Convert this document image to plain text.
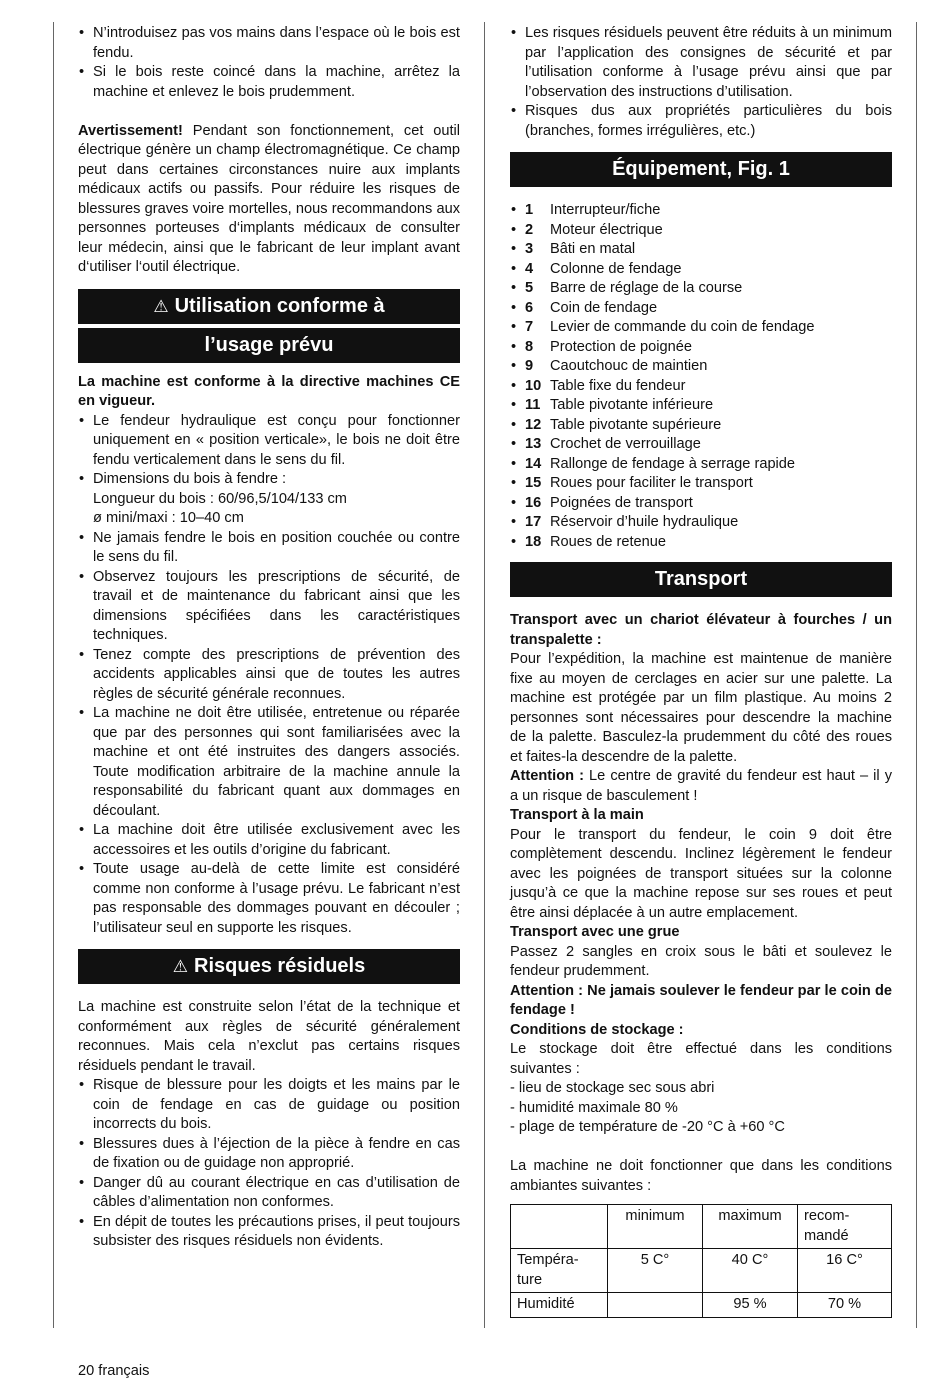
• N’introduisez pas vos mains dans l’espace où le bois est fendu.
• Si le bois reste coincé dans la machine, arrêtez la machine et enlevez le bois prudemment.

Avertissement! Pendant son fonctionnement, cet outil électrique génère un champ électromagnétique. Ce champ peut dans certaines circonstances nuire aux implants médicaux actifs ou passifs. Pour réduire les risques de blessures graves voire mortelles, nous recommandons aux personnes porteuses d‘implants médicaux de consulter leur médecin, ainsi que le fabricant de leur implant avant d‘utiliser l‘outil électrique.

⚠ Utilisation conforme à
l’usage prévu

La machine est conforme à la directive machines CE en vigueur.

• Le fendeur hydraulique est conçu pour fonctionner uniquement en « position verticale», le bois ne doit être fendu verticalement dans le sens du fil.
• Dimensions du bois à fendre :
Longueur du bois : 60/96,5/104/133 cm
ø mini/maxi : 10–40 cm
• Ne jamais fendre le bois en position couchée ou contre le sens du fil.
• Observez toujours les prescriptions de sécurité, de travail et de maintenance du fabricant ainsi que les dimensions spécifiées dans les caractéristiques techniques.
• Tenez compte des prescriptions de prévention des accidents applicables ainsi que de toutes les autres règles de sécurité générale reconnues.
• La machine ne doit être utilisée, entretenue ou réparée que par des personnes qui sont familiarisées avec la machine et ont été instruites des dangers associés. Toute modification arbitraire de la machine annule la responsabilité du fabricant quant aux dommages en découlant.
• La machine doit être utilisée exclusivement avec les accessoires et les outils d’origine du fabricant.
• Toute usage au-delà de cette limite est considéré comme non conforme à l’usage prévu. Le fabricant n’est pas responsable des dommages pouvant en découler ; l’utilisateur seul en supporte les risques.
⚠ Risques résiduels

La machine est construite selon l’état de la technique et conformément aux règles de sécurité généralement reconnues. Mais cela n’exclut pas certains risques résiduels pendant le travail.

• Risque de blessure pour les doigts et les mains par le coin de fendage en cas de guidage ou position incorrects du bois.
• Blessures dues à l’éjection de la pièce à fendre en cas de fixation ou de guidage non approprié.
• Danger dû au courant électrique en cas d’utilisation de câbles d’alimentation non conformes.
• En dépit de toutes les précautions prises, il peut toujours subsister des risques résiduels non évidents.
• Les risques résiduels peuvent être réduits à un minimum par l’application des consignes de sécurité et par l’utilisation conforme à l’usage prévu ainsi que par l’observation des instructions d’utilisation.
• Risques dus aux propriétés particulières du bois (branches, formes irrégulières, etc.)
Équipement, Fig. 1
• 1	Interrupteur/fiche
• 2	Moteur électrique
• 3	Bâti en matal
• 4	Colonne de fendage
• 5	Barre de réglage de la course
• 6	Coin de fendage
• 7	Levier de commande du coin de fendage
• 8	Protection de poignée
• 9	Caoutchouc de maintien
• 10 Table fixe du fendeur
• 11 Table pivotante inférieure
• 12 Table pivotante supérieure
• 13 Crochet de verrouillage
• 14 Rallonge de fendage à serrage rapide
• 15 Roues pour faciliter le transport
• 16 Poignées de transport
• 17 Réservoir d’huile hydraulique
• 18 Roues de retenue
Transport

Transport avec un chariot élévateur à fourches / un transpalette :

Pour l’expédition, la machine est maintenue de manière fixe au moyen de cerclages en acier sur une palette. La machine est protégée par un film plastique. Au moins 2 personnes sont nécessaires pour descendre la machine de la palette. Basculez-la prudemment du côté des roues et faites-la descendre de la palette.

Attention : Le centre de gravité du fendeur est haut – il y a un risque de basculement !

Transport à la main

Pour le transport du fendeur, le coin 9 doit être complètement descendu. Inclinez légèrement le fendeur avec les poignées de transport situées sur la colonne jusqu’à ce que la machine repose sur ses roues et peut être ainsi déplacée à un autre emplacement.

Transport avec une grue

Passez 2 sangles en croix sous le bâti et soulevez le fendeur prudemment.

Attention : Ne jamais soulever le fendeur par le coin de fendage !

Conditions de stockage :

Le stockage doit être effectué dans les conditions suivantes :

- lieu de stockage sec sous abri

- humidité maximale 80 %

- plage de température de -20 °C à +60 °C

La machine ne doit fonctionner que dans les conditions ambiantes suivantes :

	minimum	maximum	recom-mandé
Tempéra-ture	5 C°	40 C°	16 C°
Humidité		95 %	70 %
20 français
